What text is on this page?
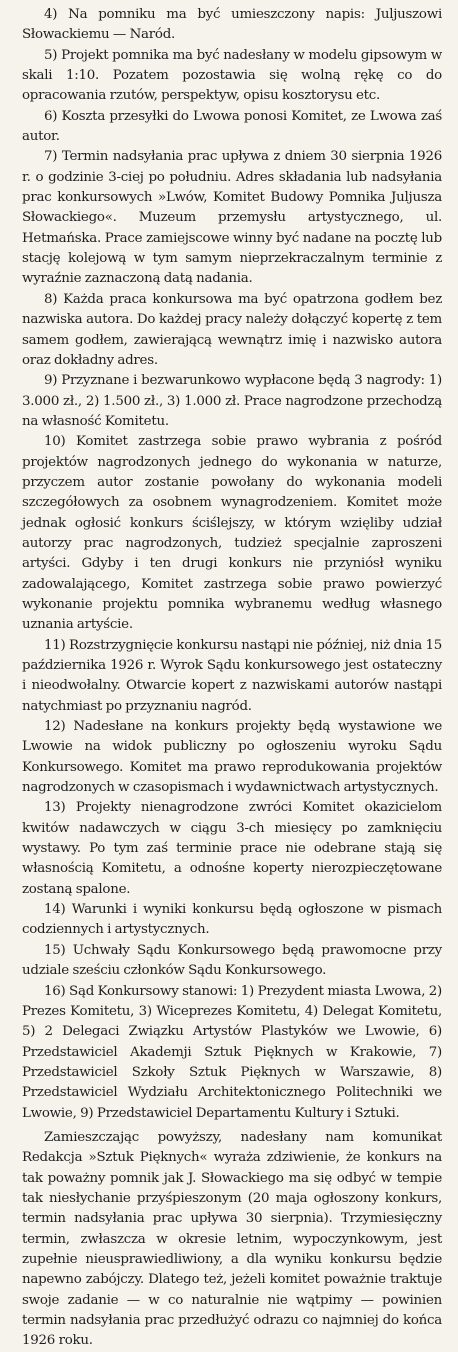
4) Na pomniku ma być umieszczony napis: Juljuszowi Słowackiemu — Naród.

5) Projekt pomnika ma być nadesłany w modelu gipsowym w skali 1:10. Pozatem pozostawia się wolną rękę co do opracowania rzutów, perspektyw, opisu kosztorysu etc.

6) Koszta przesyłki do Lwowa ponosi Komitet, ze Lwowa zaś autor.

7) Termin nadsyłania prac upływa z dniem 30 sierpnia 1926 r. o godzinie 3-ciej po południu. Adres składania lub nadsyłania prac konkursowych »Lwów, Komitet Budowy Pomnika Juljusza Słowackiego«. Muzeum przemysłu artystycznego, ul. Hetmańska. Prace zamiejscowe winny być nadane na pocztę lub stację kolejową w tym samym nieprzekraczalnym terminie z wyraźnie zaznaczoną datą nadania.

8) Każda praca konkursowa ma być opatrzona godłem bez nazwiska autora. Do każdej pracy należy dołączyć kopertę z tem samem godłem, zawierającą wewnątrz imię i nazwisko autora oraz dokładny adres.

9) Przyznane i bezwarunkowo wypłacone będą 3 nagrody: 1) 3.000 zł., 2) 1.500 zł., 3) 1.000 zł. Prace nagrodzone przechodzą na własność Komitetu.

10) Komitet zastrzega sobie prawo wybrania z pośród projektów nagrodzonych jednego do wykonania w naturze, przyczem autor zostanie powołany do wykonania modeli szczegółowych za osobnem wynagrodzeniem. Komitet może jednak ogłosić konkurs ściślejszy, w którym wzięliby udział autorzy prac nagrodzonych, tudzież specjalnie zaproszeni artyści. Gdyby i ten drugi konkurs nie przyniósł wyniku zadowalającego, Komitet zastrzega sobie prawo powierzyć wykonanie projektu pomnika wybranemu według własnego uznania artyście.

11) Rozstrzygnięcie konkursu nastąpi nie później, niż dnia 15 października 1926 r. Wyrok Sądu konkursowego jest ostateczny i nieodwołalny. Otwarcie kopert z nazwiskami autorów nastąpi natychmiast po przyznaniu nagród.

12) Nadesłane na konkurs projekty będą wystawione we Lwowie na widok publiczny po ogłoszeniu wyroku Sądu Konkursowego. Komitet ma prawo reprodukowania projektów nagrodzonych w czasopismach i wydawnictwach artystycznych.

13) Projekty nienagrodzone zwróci Komitet okazicielom kwitów nadawczych w ciągu 3-ch miesięcy po zamknięciu wystawy. Po tym zaś terminie prace nie odebrane stają się własnością Komitetu, a odnośne koperty nierozpieczętowane zostaną spalone.

14) Warunki i wyniki konkursu będą ogłoszone w pismach codziennych i artystycznych.

15) Uchwały Sądu Konkursowego będą prawomocne przy udziale sześciu członków Sądu Konkursowego.

16) Sąd Konkursowy stanowi: 1) Prezydent miasta Lwowa, 2) Prezes Komitetu, 3) Wiceprezes Komitetu, 4) Delegat Komitetu, 5) 2 Delegaci Związku Artystów Plastyków we Lwowie, 6) Przedstawiciel Akademji Sztuk Pięknych w Krakowie, 7) Przedstawiciel Szkoły Sztuk Pięknych w Warszawie, 8) Przedstawiciel Wydziału Architektonicznego Politechniki we Lwowie, 9) Przedstawiciel Departamentu Kultury i Sztuki.

Zamieszczając powyższy, nadesłany nam komunikat Redakcja »Sztuk Pięknych« wyraża zdziwienie, że konkurs na tak poważny pomnik jak J. Słowackiego ma się odbyć w tempie tak niesłychanie przyśpieszonym (20 maja ogłoszony konkurs, termin nadsyłania prac upływa 30 sierpnia). Trzymiesięczny termin, zwłaszcza w okresie letnim, wypoczynkowym, jest zupełnie nieusprawiedliwiony, a dla wyniku konkursu będzie napewno zabójczy. Dlatego też, jeżeli komitet poważnie traktuje swoje zadanie — w co naturalnie nie wątpimy — powinien termin nadsyłania prac przedłużyć odrazu co najmniej do końca 1926 roku.
